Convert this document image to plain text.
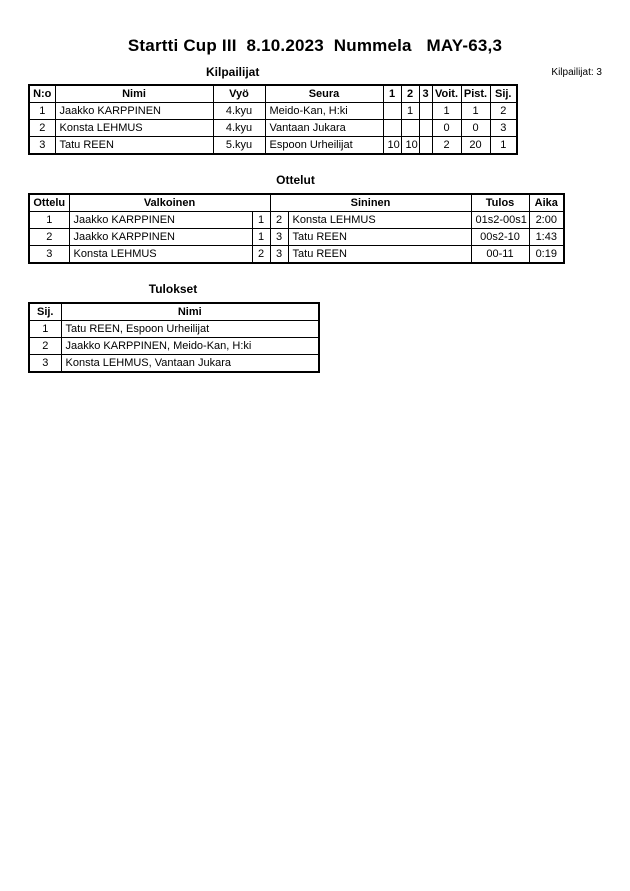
Startti Cup III  8.10.2023  Nummela   MAY-63,3
Kilpailijat	Kilpailijat: 3
N:o	Nimi	Vyö	Seura	1	2	3	Voit.	Pist.	Sij.
1	Jaakko KARPPINEN	4.kyu	Meido-Kan, H:ki		1		1	1	2
2	Konsta LEHMUS	4.kyu	Vantaan Jukara				0	0	3
3	Tatu REEN	5.kyu	Espoon Urheilijat	10	10		2	20	1
Ottelut
Ottelu	Valkoinen		Sininen		Tulos	Aika
1	Jaakko KARPPINEN	1	2	Konsta LEHMUS	01s2-00s1	2:00
2	Jaakko KARPPINEN	1	3	Tatu REEN	00s2-10	1:43
3	Konsta LEHMUS	2	3	Tatu REEN	00-11	0:19
Tulokset
Sij.	Nimi
1	Tatu REEN, Espoon Urheilijat
2	Jaakko KARPPINEN, Meido-Kan, H:ki
3	Konsta LEHMUS, Vantaan Jukara
